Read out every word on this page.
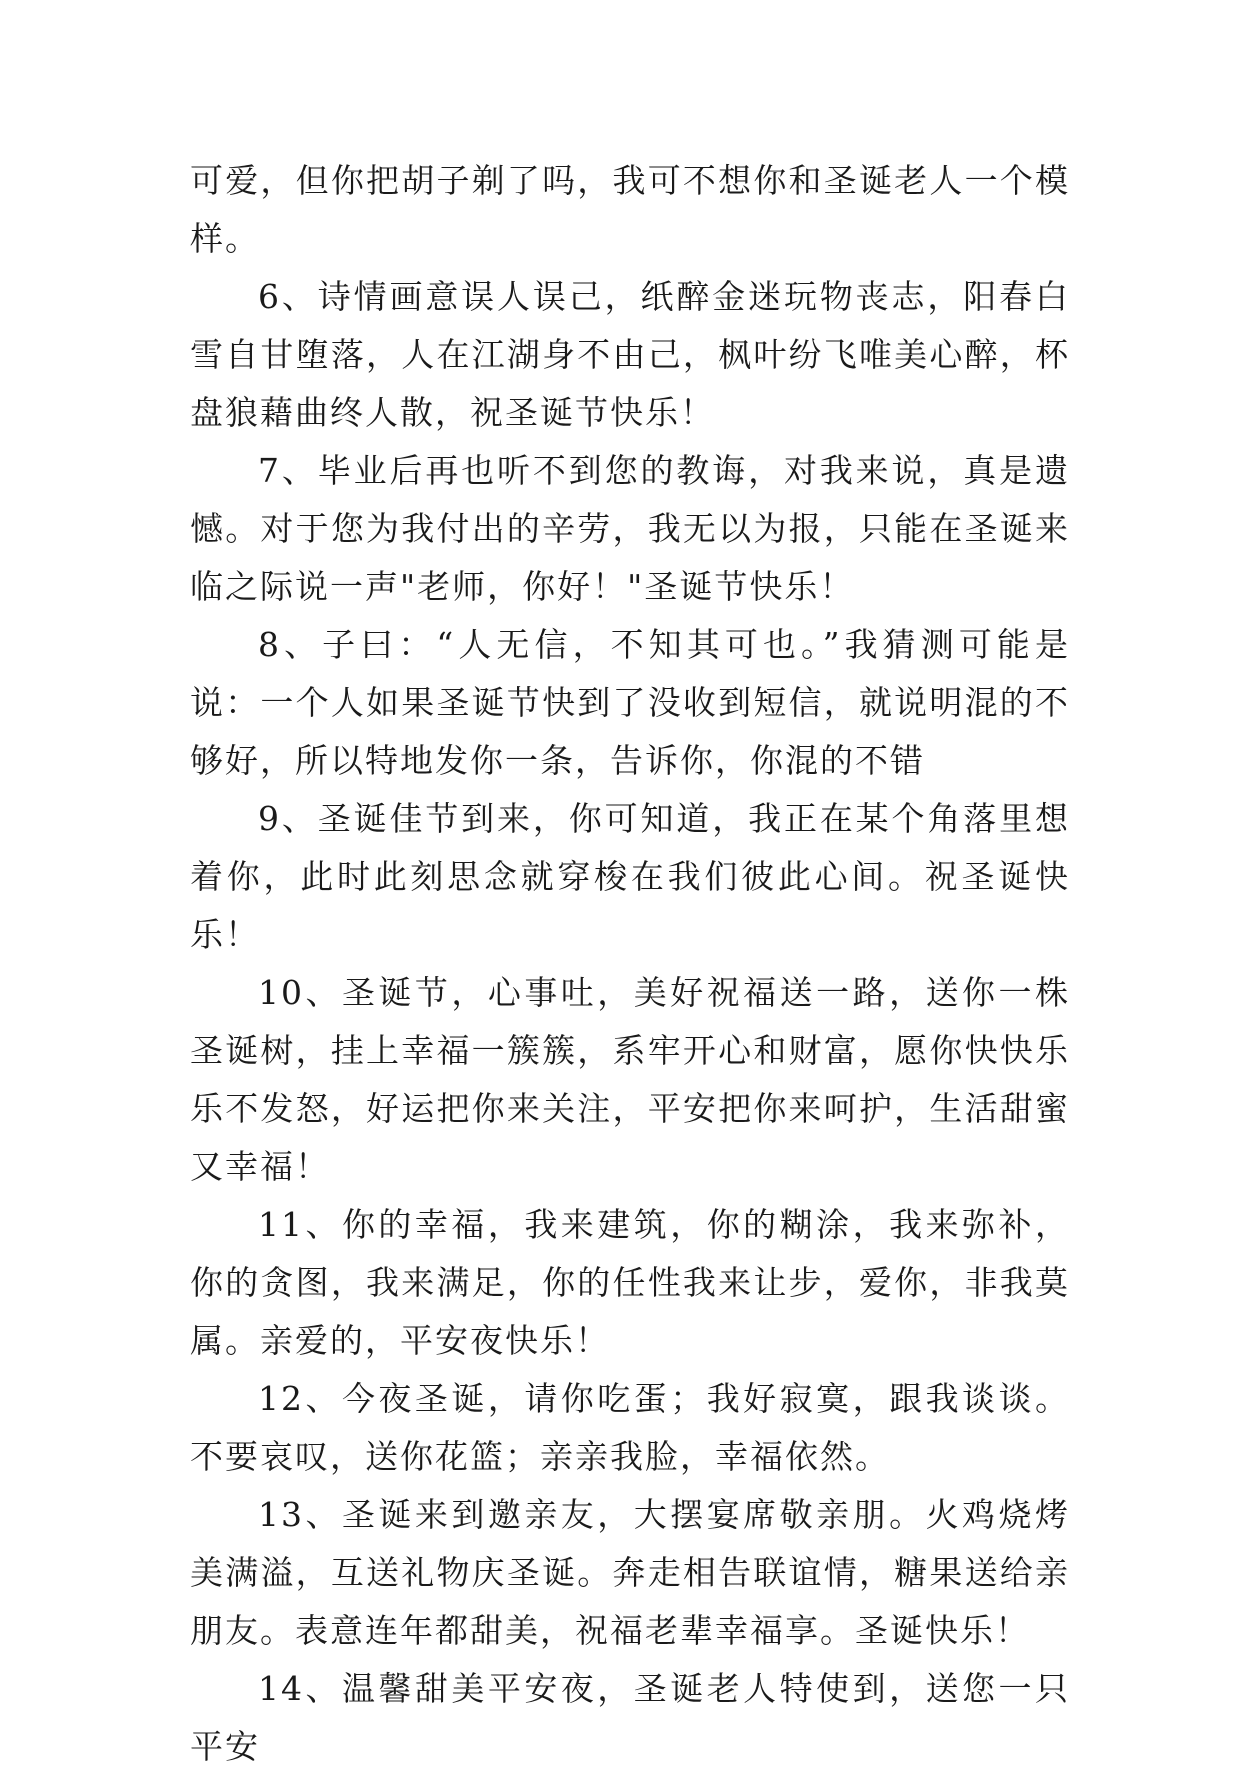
可爱，但你把胡子剃了吗，我可不想你和圣诞老人一个模样。

6、诗情画意误人误己，纸醉金迷玩物丧志，阳春白雪自甘堕落，人在江湖身不由己，枫叶纷飞唯美心醉，杯盘狼藉曲终人散，祝圣诞节快乐！

7、毕业后再也听不到您的教诲，对我来说，真是遗憾。对于您为我付出的辛劳，我无以为报，只能在圣诞来临之际说一声"老师，你好！"圣诞节快乐！

8、子曰：“人无信，不知其可也。”我猜测可能是说：一个人如果圣诞节快到了没收到短信，就说明混的不够好，所以特地发你一条，告诉你，你混的不错

9、圣诞佳节到来，你可知道，我正在某个角落里想着你，此时此刻思念就穿梭在我们彼此心间。祝圣诞快乐！

10、圣诞节，心事吐，美好祝福送一路，送你一株圣诞树，挂上幸福一簇簇，系牢开心和财富，愿你快快乐乐不发怒，好运把你来关注，平安把你来呵护，生活甜蜜又幸福！

11、你的幸福，我来建筑，你的糊涂，我来弥补，你的贪图，我来满足，你的任性我来让步，爱你，非我莫属。亲爱的，平安夜快乐！

12、今夜圣诞，请你吃蛋；我好寂寞，跟我谈谈。不要哀叹，送你花篮；亲亲我脸，幸福依然。

13、圣诞来到邀亲友，大摆宴席敬亲朋。火鸡烧烤美满溢，互送礼物庆圣诞。奔走相告联谊情，糖果送给亲朋友。表意连年都甜美，祝福老辈幸福享。圣诞快乐！

14、温馨甜美平安夜，圣诞老人特使到，送您一只平安
